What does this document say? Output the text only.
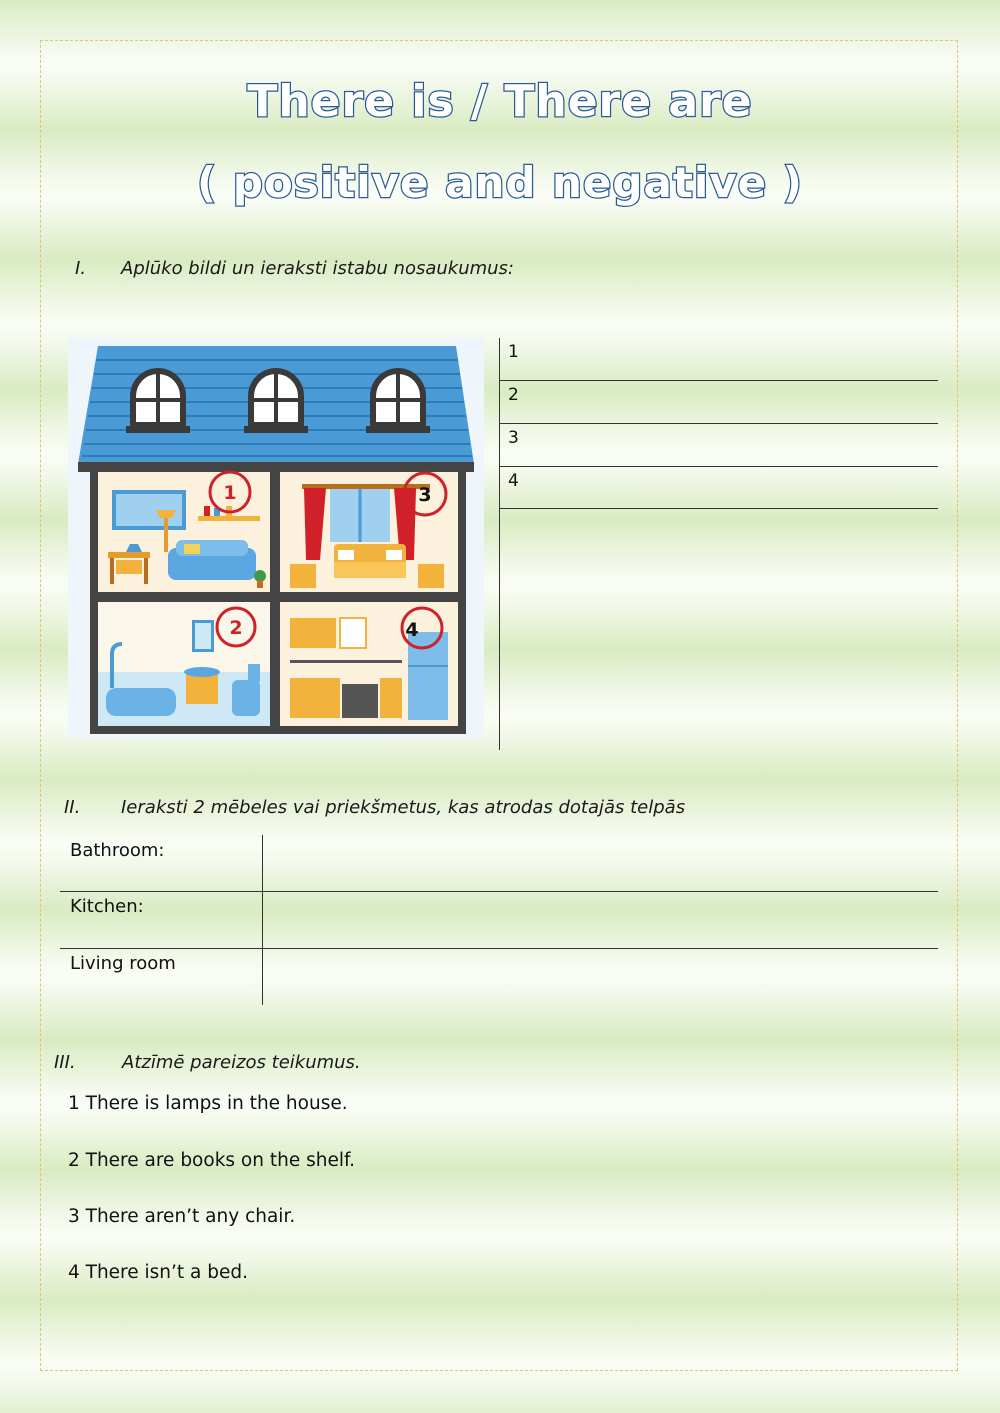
There is / There are
( positive and negative )
I. Aplūko bildi un ieraksti istabu nosaukumus:
1
2
3
4
1
2
3
4
II. Ieraksti 2 mēbeles vai priekšmetus, kas atrodas dotajās telpās
Bathroom:
Kitchen:
Living room
III.	Atzīmē pareizos teikumus.
1 There is lamps in the house.
2 There are books on the shelf.
3 There aren’t any chair.
4 There isn’t a bed.
